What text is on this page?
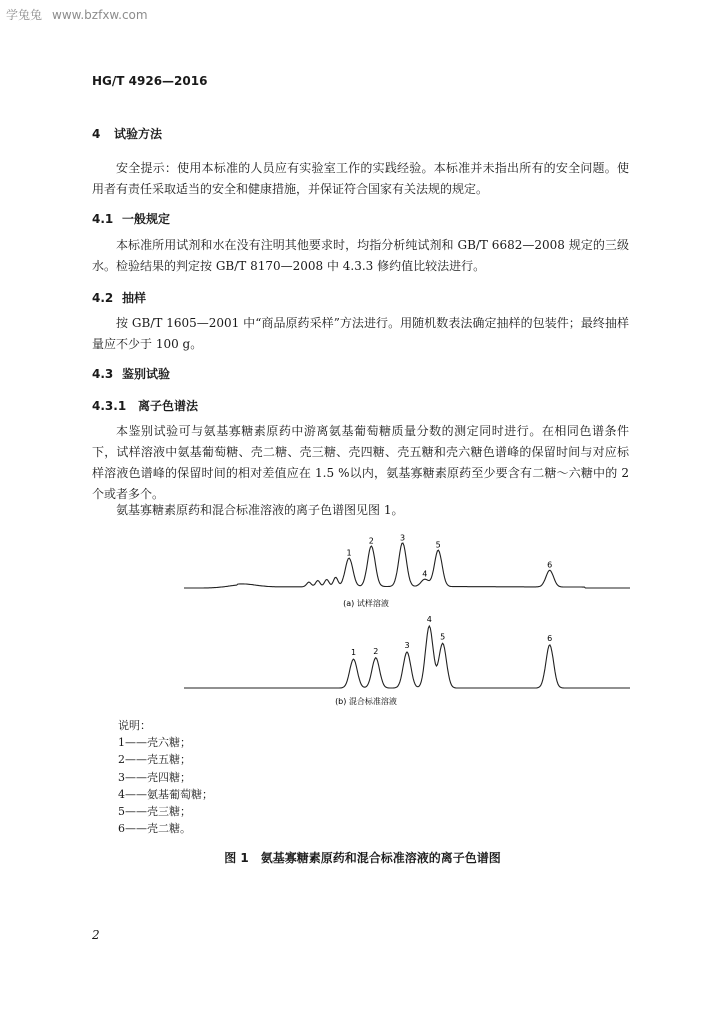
学兔兔 www.bzfxw.com
HG/T 4926—2016
4 试验方法
安全提示：使用本标准的人员应有实验室工作的实践经验。本标准并未指出所有的安全问题。使用者有责任采取适当的安全和健康措施，并保证符合国家有关法规的规定。
4.1 一般规定
本标准所用试剂和水在没有注明其他要求时，均指分析纯试剂和 GB/T 6682—2008 规定的三级水。检验结果的判定按 GB/T 8170—2008 中 4.3.3 修约值比较法进行。
4.2 抽样
按 GB/T 1605—2001 中“商品原药采样”方法进行。用随机数表法确定抽样的包装件；最终抽样量应不少于 100 g。
4.3 鉴别试验
4.3.1 离子色谱法
本鉴别试验可与氨基寡糖素原药中游离氨基葡萄糖质量分数的测定同时进行。在相同色谱条件下，试样溶液中氨基葡萄糖、壳二糖、壳三糖、壳四糖、壳五糖和壳六糖色谱峰的保留时间与对应标样溶液色谱峰的保留时间的相对差值应在 1.5 %以内，氨基寡糖素原药至少要含有二糖～六糖中的 2 个或者多个。
氨基寡糖素原药和混合标准溶液的离子色谱图见图 1。
1
2	3
4
5
6
(a) 试样溶液
1 2
3
4
5	6
(b) 混合标准溶液
说明：
1——壳六糖；
2——壳五糖；
3——壳四糖；
4——氨基葡萄糖；
5——壳三糖；
6——壳二糖。
图 1　氨基寡糖素原药和混合标准溶液的离子色谱图
2
